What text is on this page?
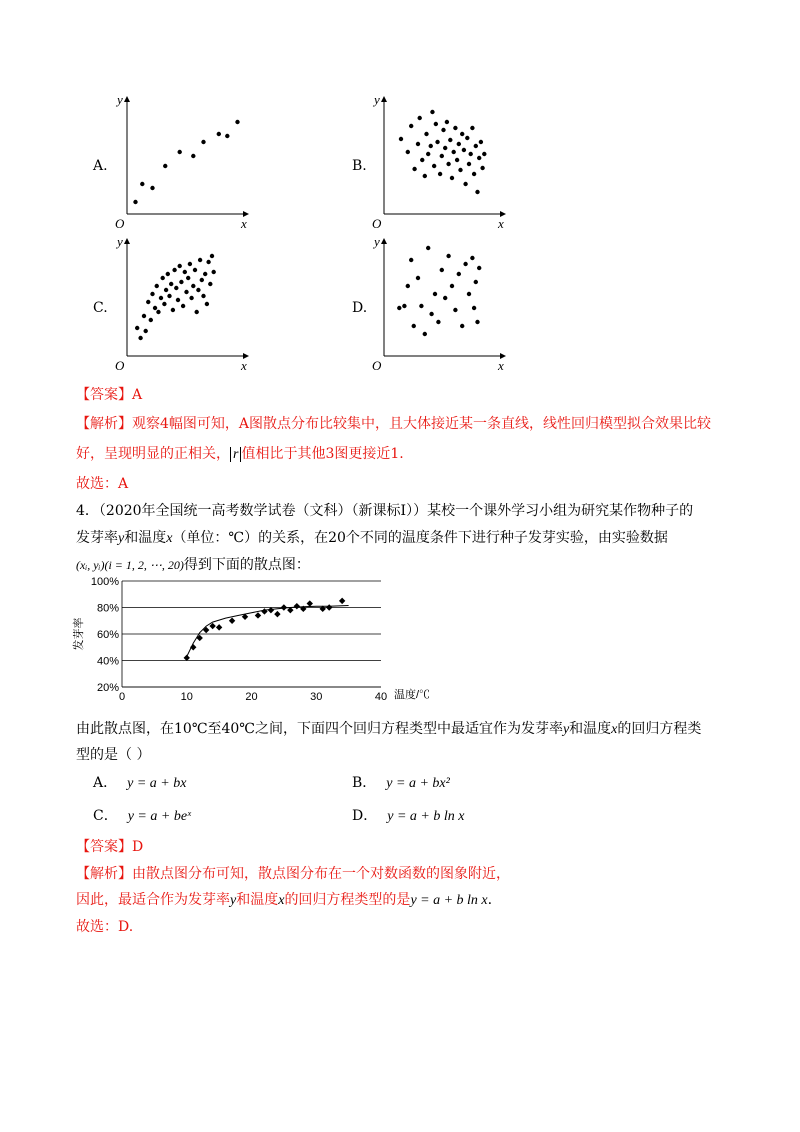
A.
O	x
y
B.
O	x
y
C.
O	x
y
D.
O	x
y
【答案】A
【解析】观察4幅图可知，A图散点分布比较集中，且大体接近某一条直线，线性回归模型拟合效果比较
好，呈现明显的正相关， r 值相比于其他3图更接近1.
故选：A
4．（2020年全国统一高考数学试卷（文科）（新课标Ⅰ））某校一个课外学习小组为研究某作物种子的
发芽率y和温度x（单位：℃）的关系，在20个不同的温度条件下进行种子发芽实验，由实验数据
(xᵢ, yᵢ)(i = 1, 2, ⋯, 20)得到下面的散点图：
发芽率
温度/℃
20%
40%
60%
80%
100%
0	10	20	30	40
由此散点图，在10℃至40℃之间，下面四个回归方程类型中最适宜作为发芽率y和温度x的回归方程类
型的是（ ）
A． y = a + bx	B． y = a + bx²
C． y = a + beˣ	D． y = a + b ln x
【答案】D
【解析】由散点图分布可知，散点图分布在一个对数函数的图象附近，
因此，最适合作为发芽率y和温度x的回归方程类型的是y = a + b ln x.
故选：D.
